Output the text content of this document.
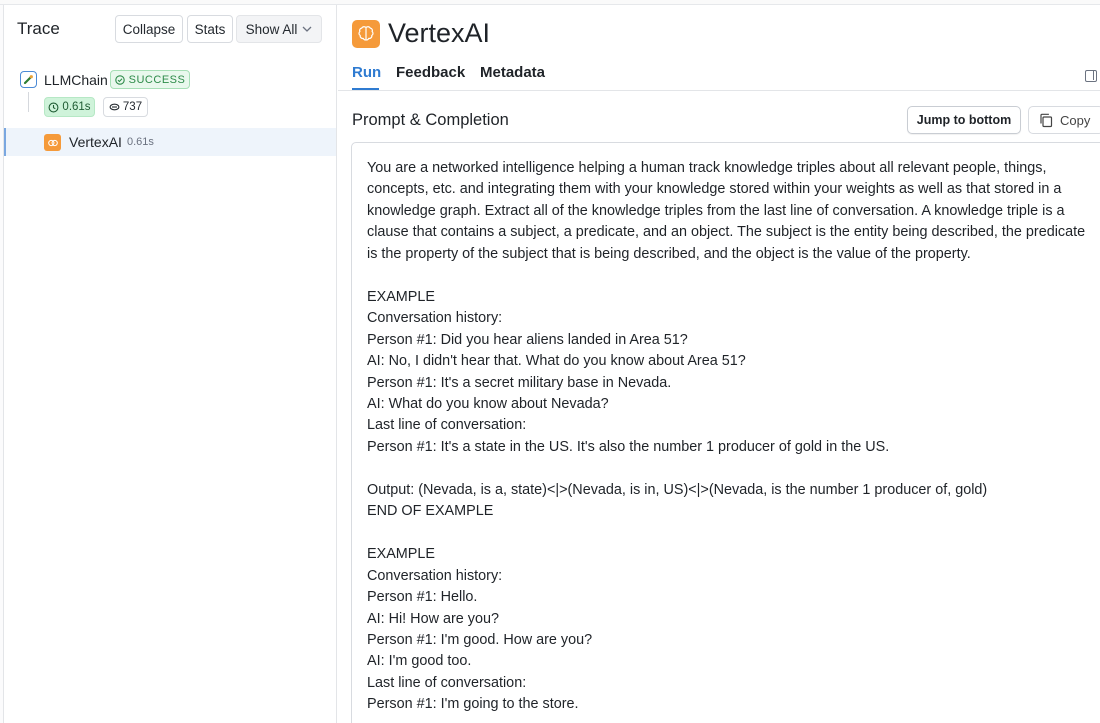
Trace	Collapse	Stats	Show All
LLMChain SUCCESS
0.61s	737
VertexAI 0.61s
VertexAI
Run Feedback Metadata
Prompt & Completion	Jump to bottom	Copy
You are a networked intelligence helping a human track knowledge triples about all relevant people, things, concepts, etc. and integrating them with your knowledge stored within your weights as well as that stored in a knowledge graph. Extract all of the knowledge triples from the last line of conversation. A knowledge triple is a clause that contains a subject, a predicate, and an object. The subject is the entity being described, the predicate is the property of the subject that is being described, and the object is the value of the property.

EXAMPLE
Conversation history:
Person #1: Did you hear aliens landed in Area 51?
AI: No, I didn't hear that. What do you know about Area 51?
Person #1: It's a secret military base in Nevada.
AI: What do you know about Nevada?
Last line of conversation:
Person #1: It's a state in the US. It's also the number 1 producer of gold in the US.

Output: (Nevada, is a, state)<|>(Nevada, is in, US)<|>(Nevada, is the number 1 producer of, gold)
END OF EXAMPLE

EXAMPLE
Conversation history:
Person #1: Hello.
AI: Hi! How are you?
Person #1: I'm good. How are you?
AI: I'm good too.
Last line of conversation:
Person #1: I'm going to the store.
